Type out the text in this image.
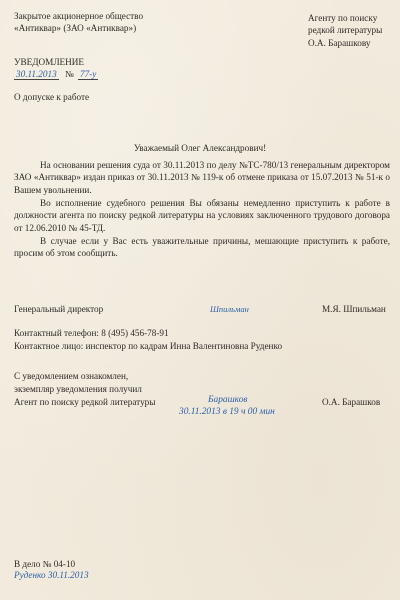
Закрытое акционерное общество
«Антиквар» (ЗАО «Антиквар»)
Агенту по поиску
редкой литературы
О.А. Барашкову
УВЕДОМЛЕНИЕ
30.11.2013 № 77-у
О допуске к работе
Уважаемый Олег Александрович!

На основании решения суда от 30.11.2013 по делу №ТС-780/13 генеральным директором ЗАО «Антиквар» издан приказ от 30.11.2013 № 119-к об отмене приказа от 15.07.2013 № 51-к о Вашем увольнении.

Во исполнение судебного решения Вы обязаны немедленно приступить к работе в должности агента по поиску редкой литературы на условиях заключенного трудового договора от 12.06.2010 № 45-ТД.

В случае если у Вас есть уважительные причины, мешающие приступить к работе, просим об этом сообщить.

Генеральный директор	Шпильман	М.Я. Шпильман
Контактный телефон: 8 (495) 456-78-91
Контактное лицо: инспектор по кадрам Инна Валентиновна Руденко
С уведомлением ознакомлен,
экземпляр уведомления получил
Агент по поиску редкой литературы	Барашков
30.11.2013 в 19 ч 00 мин
О.А. Барашков
В дело № 04-10
Руденко 30.11.2013
